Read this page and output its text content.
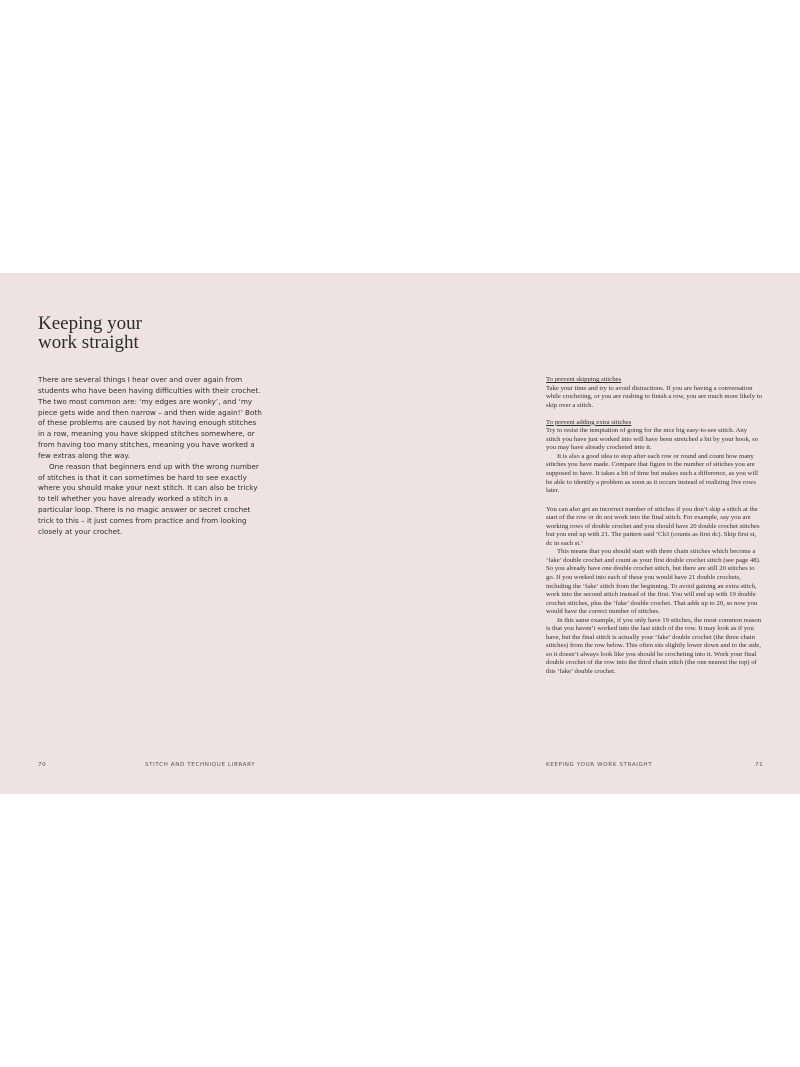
Keeping your
work straight

There are several things I hear over and over again from students who have been having difficulties with their crochet. The two most common are: ‘my edges are wonky’, and ‘my piece gets wide and then narrow – and then wide again!’ Both of these problems are caused by not having enough stitches in a row, meaning you have skipped stitches somewhere, or from having too many stitches, meaning you have worked a few extras along the way.

One reason that beginners end up with the wrong number of stitches is that it can sometimes be hard to see exactly where you should make your next stitch. It can also be tricky to tell whether you have already worked a stitch in a particular loop. There is no magic answer or secret crochet trick to this – it just comes from practice and from looking closely at your crochet.

To prevent skipping stitches

Take your time and try to avoid distractions. If you are having a conversation while crocheting, or you are rushing to finish a row, you are much more likely to skip over a stitch.

To prevent adding extra stitches

Try to resist the temptation of going for the nice big easy-to-see stitch. Any stitch you have just worked into will have been stretched a bit by your hook, so you may have already crocheted into it.

It is also a good idea to stop after each row or round and count how many stitches you have made. Compare that figure to the number of stitches you are supposed to have. It takes a bit of time but makes such a difference, as you will be able to identify a problem as soon as it occurs instead of realizing five rows later.

You can also get an incorrect number of stitches if you don’t skip a stitch at the start of the row or do not work into the final stitch. For example, say you are working rows of double crochet and you should have 20 double crochet stitches but you end up with 21. The pattern said ‘Ch3 (counts as first dc). Skip first st, dc in each st.’

This means that you should start with three chain stitches which become a ‘fake’ double crochet and count as your first double crochet stitch (see page 48). So you already have one double crochet stitch, but there are still 20 stitches to go. If you worked into each of these you would have 21 double crochets, including the ‘fake’ stitch from the beginning. To avoid gaining an extra stitch, work into the second stitch instead of the first. You will end up with 19 double crochet stitches, plus the ‘fake’ double crochet. That adds up to 20, so now you would have the correct number of stitches.

In this same example, if you only have 19 stitches, the most common reason is that you haven’t worked into the last stitch of the row. It may look as if you have, but the final stitch is actually your ‘fake’ double crochet (the three chain stitches) from the row below. This often sits slightly lower down and to the side, so it doesn’t always look like you should be crocheting into it. Work your final double crochet of the row into the third chain stitch (the one nearest the top) of this ‘fake’ double crochet.

70	STITCH AND TECHNIQUE LIBRARY	KEEPING YOUR WORK STRAIGHT	71
